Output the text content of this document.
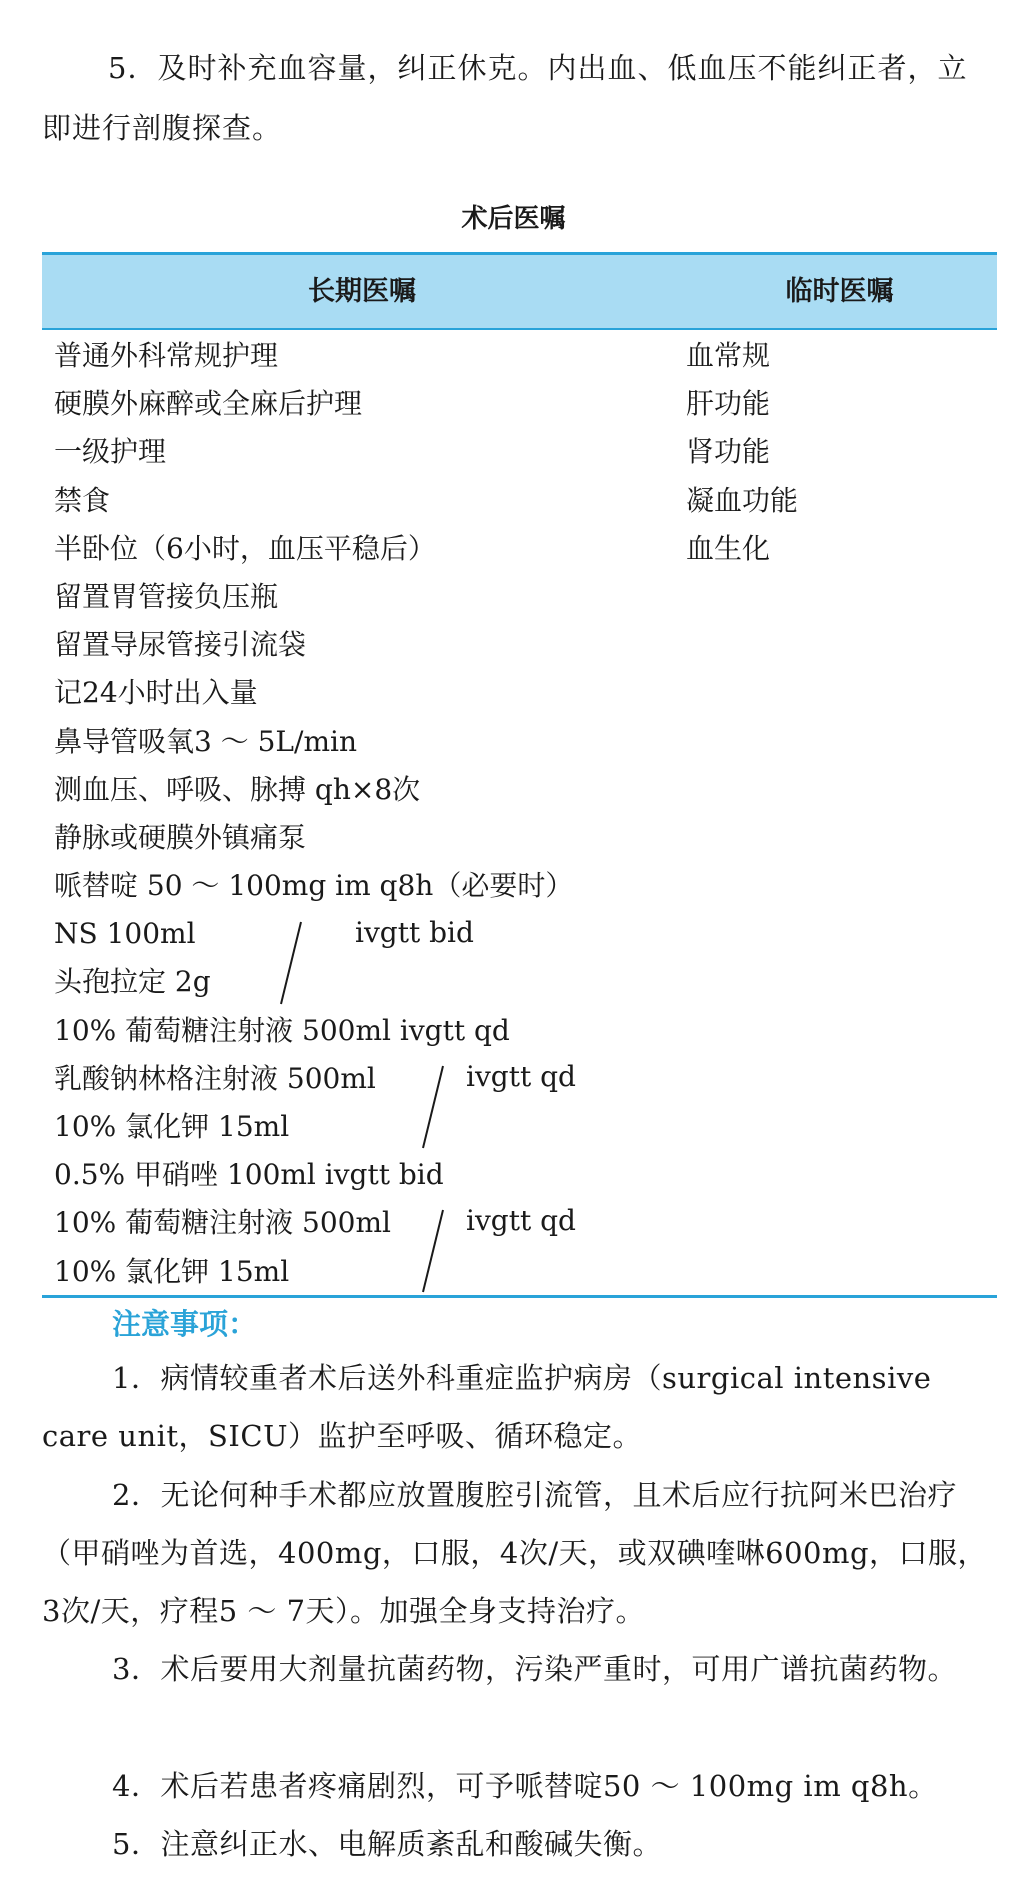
5．及时补充血容量，纠正休克。内出血、低血压不能纠正者，立即进行剖腹探查。

术后医嘱
长期医嘱	临时医嘱
普通外科常规护理
硬膜外麻醉或全麻后护理
一级护理
禁食
半卧位（6小时，血压平稳后）
留置胃管接负压瓶
留置导尿管接引流袋
记24小时出入量
鼻导管吸氧3 ～ 5L/min
测血压、呼吸、脉搏 qh×8次
静脉或硬膜外镇痛泵
哌替啶 50 ～ 100mg im q8h（必要时）
NS 100ml
头孢拉定 2g
10% 葡萄糖注射液 500ml ivgtt qd
乳酸钠林格注射液 500ml
10% 氯化钾 15ml
0.5% 甲硝唑 100ml ivgtt bid
10% 葡萄糖注射液 500ml
10% 氯化钾 15ml
血常规
肝功能
肾功能
凝血功能
血生化
ivgtt bid
ivgtt qd
ivgtt qd
注意事项：

1．病情较重者术后送外科重症监护病房（surgical intensive care unit，SICU）监护至呼吸、循环稳定。

2．无论何种手术都应放置腹腔引流管，且术后应行抗阿米巴治疗（甲硝唑为首选，400mg，口服，4次/天，或双碘喹啉600mg，口服，3次/天，疗程5 ～ 7天）。加强全身支持治疗。

3．术后要用大剂量抗菌药物，污染严重时，可用广谱抗菌药物。

4．术后若患者疼痛剧烈，可予哌替啶50 ～ 100mg im q8h。

5．注意纠正水、电解质紊乱和酸碱失衡。
